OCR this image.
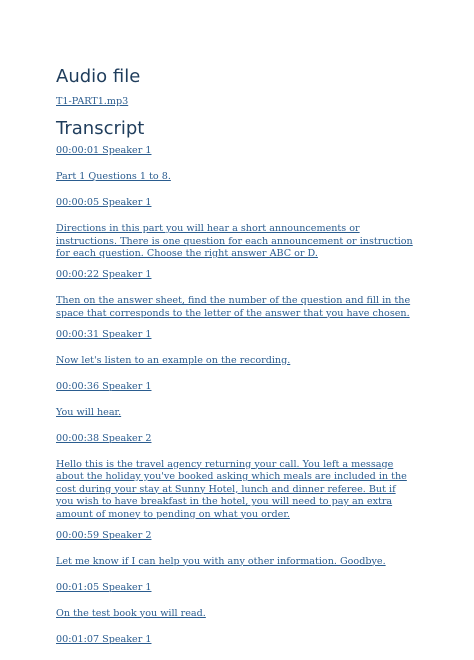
Audio file

T1-PART1.mp3

Transcript

00:00:01 Speaker 1

Part 1 Questions 1 to 8.

00:00:05 Speaker 1

Directions in this part you will hear a short announcements or instructions. There is one question for each announcement or instruction for each question. Choose the right answer ABC or D.

00:00:22 Speaker 1

Then on the answer sheet, find the number of the question and fill in the space that corresponds to the letter of the answer that you have chosen.

00:00:31 Speaker 1

Now let's listen to an example on the recording.

00:00:36 Speaker 1

You will hear.

00:00:38 Speaker 2

Hello this is the travel agency returning your call. You left a message about the holiday you've booked asking which meals are included in the cost during your stay at Sunny Hotel, lunch and dinner referee. But if you wish to have breakfast in the hotel, you will need to pay an extra amount of money to pending on what you order.

00:00:59 Speaker 2

Let me know if I can help you with any other information. Goodbye.

00:01:05 Speaker 1

On the test book you will read.

00:01:07 Speaker 1
